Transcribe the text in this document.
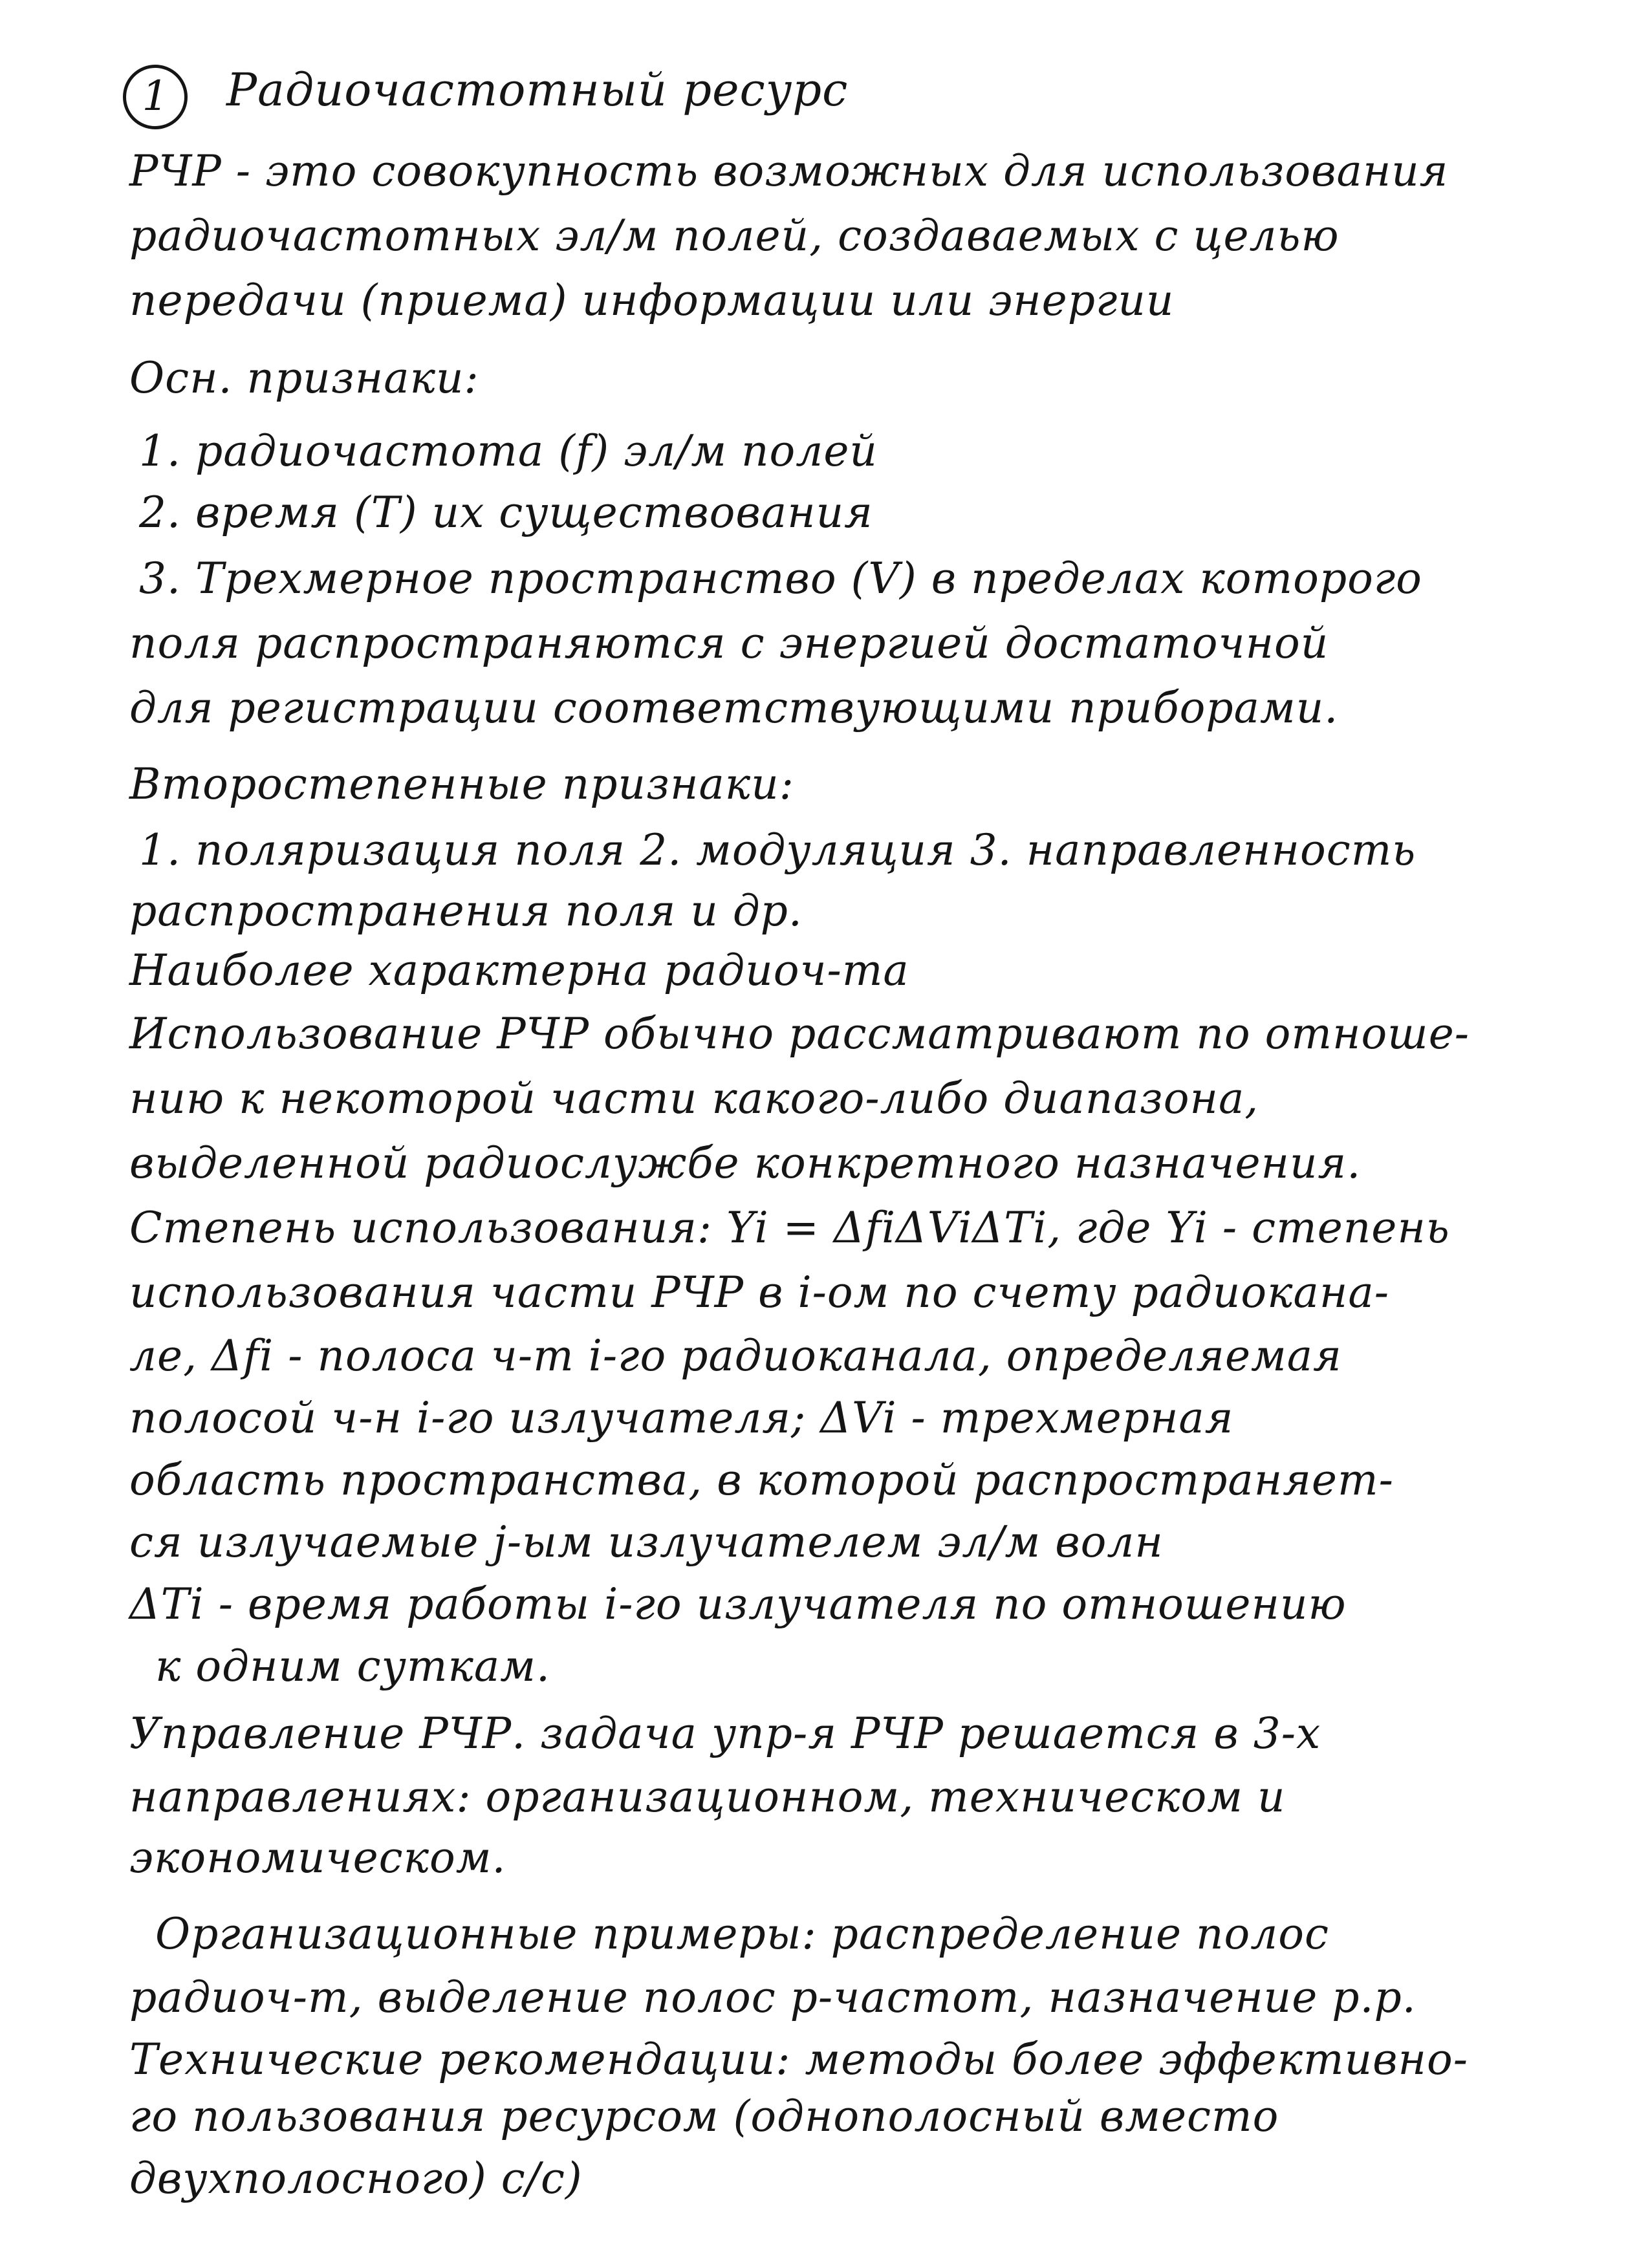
1	Радиочастотный ресурс
РЧР - это совокупность возможных для использования
радиочастотных эл/м полей, создаваемых с целью
передачи (приема) информации или энергии
Осн. признаки:
1. радиочастота (f) эл/м полей
2. время (T) их существования
3. Трехмерное пространство (V) в пределах которого
поля распространяются с энергией достаточной
для регистрации соответствующими приборами.
Второстепенные признаки:
1. поляризация поля 2. модуляция 3. направленность
распространения поля и др.
Наиболее характерна радиоч-та
Использование РЧР обычно рассматривают по отноше-
нию к некоторой части какого-либо диапазона,
выделенной радиослужбе конкретного назначения.
Степень использования: Yi = ΔfiΔViΔTi, где Yi - степень
использования части РЧР в i-ом по счету радиокана-
ле, Δfi - полоса ч-т i-го радиоканала, определяемая
полосой ч-н i-го излучателя; ΔVi - трехмерная
область пространства, в которой распространяет-
ся излучаемые j-ым излучателем эл/м волн
ΔTi - время работы i-го излучателя по отношению
к одним суткам.
Управление РЧР. задача упр-я РЧР решается в 3-х
направлениях: организационном, техническом и
экономическом.
Организационные примеры: распределение полос
радиоч-т, выделение полос р-частот, назначение р.р.
Технические рекомендации: методы более эффективно-
го пользования ресурсом (однополосный вместо
двухполосного) с/с)
